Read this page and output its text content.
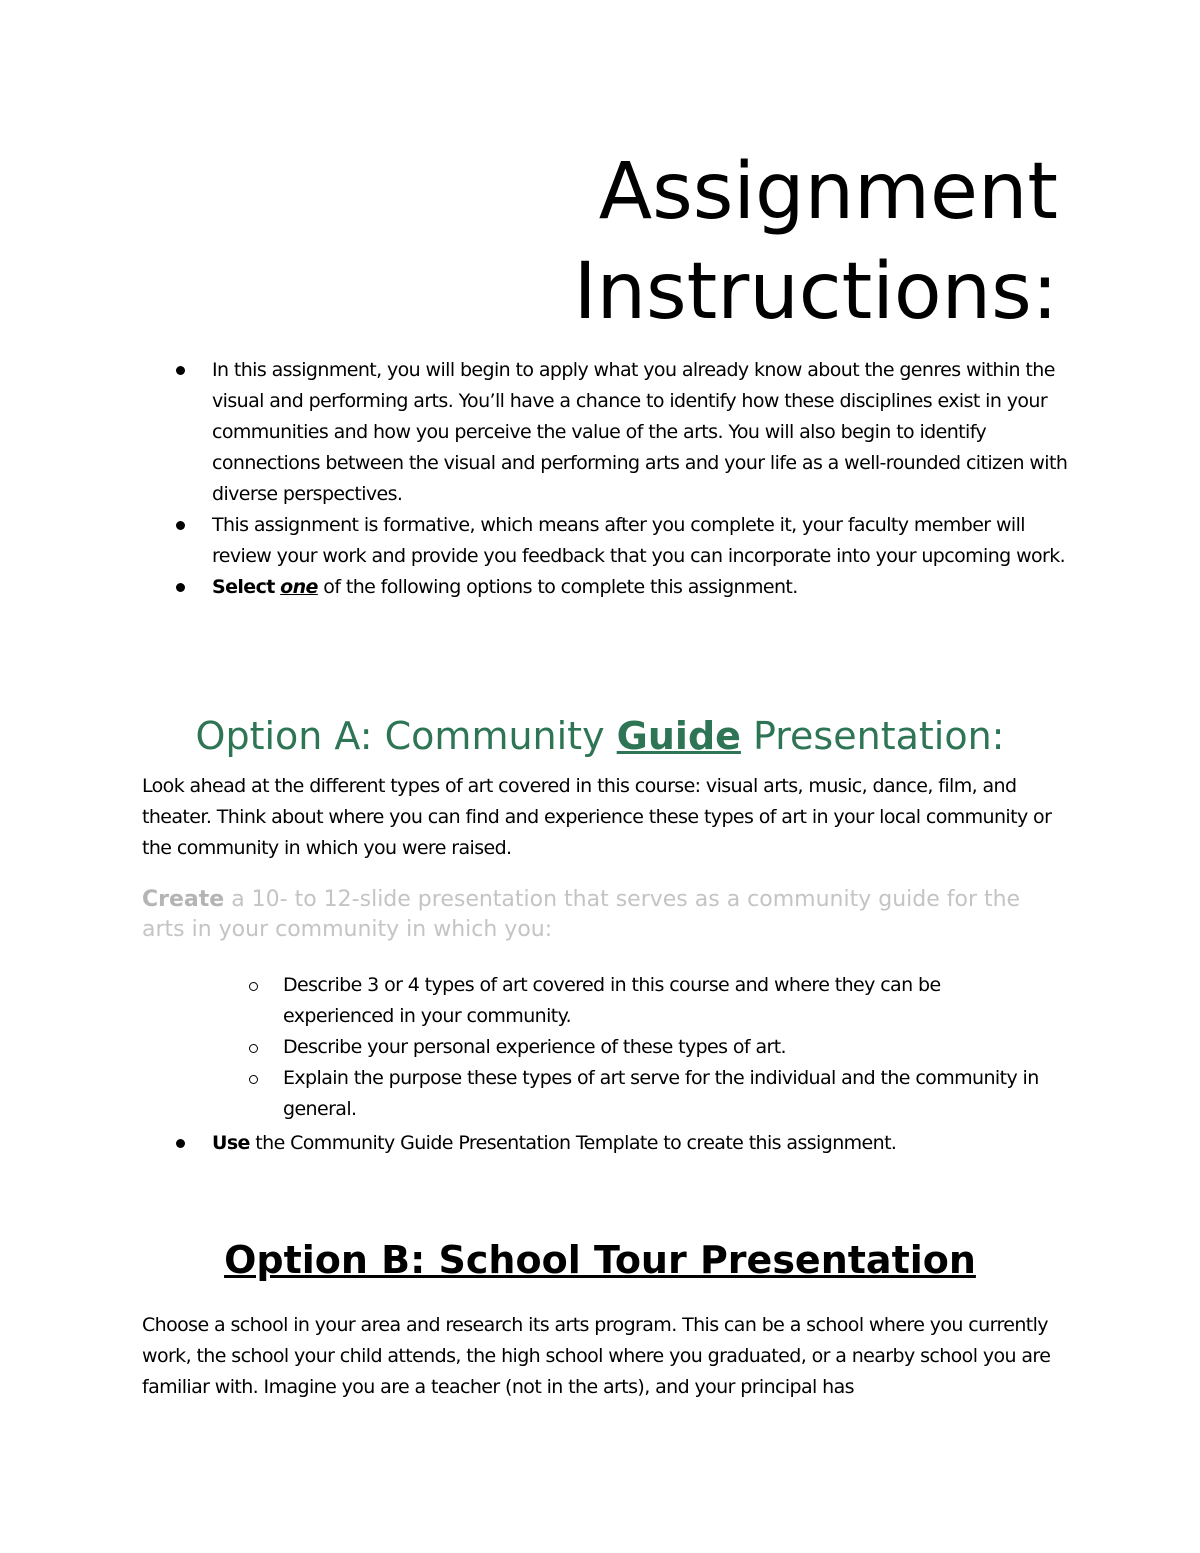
Assignment
Instructions:
In this assignment, you will begin to apply what you already know about the genres within the visual and performing arts. You’ll have a chance to identify how these disciplines exist in your communities and how you perceive the value of the arts. You will also begin to identify connections between the visual and performing arts and your life as a well-rounded citizen with diverse perspectives.
This assignment is formative, which means after you complete it, your faculty member will review your work and provide you feedback that you can incorporate into your upcoming work.
Select one of the following options to complete this assignment.
Option A: Community Guide Presentation:
Look ahead at the different types of art covered in this course: visual arts, music, dance, film, and theater. Think about where you can find and experience these types of art in your local community or the community in which you were raised.
Create a 10- to 12-slide presentation that serves as a community guide for the arts in your community in which you:
Describe 3 or 4 types of art covered in this course and where they can be experienced in your community.
Describe your personal experience of these types of art.
Explain the purpose these types of art serve for the individual and the community in general.
Use the Community Guide Presentation Template to create this assignment.
Option B: School Tour Presentation
Choose a school in your area and research its arts program. This can be a school where you currently work, the school your child attends, the high school where you graduated, or a nearby school you are familiar with. Imagine you are a teacher (not in the arts), and your principal has
